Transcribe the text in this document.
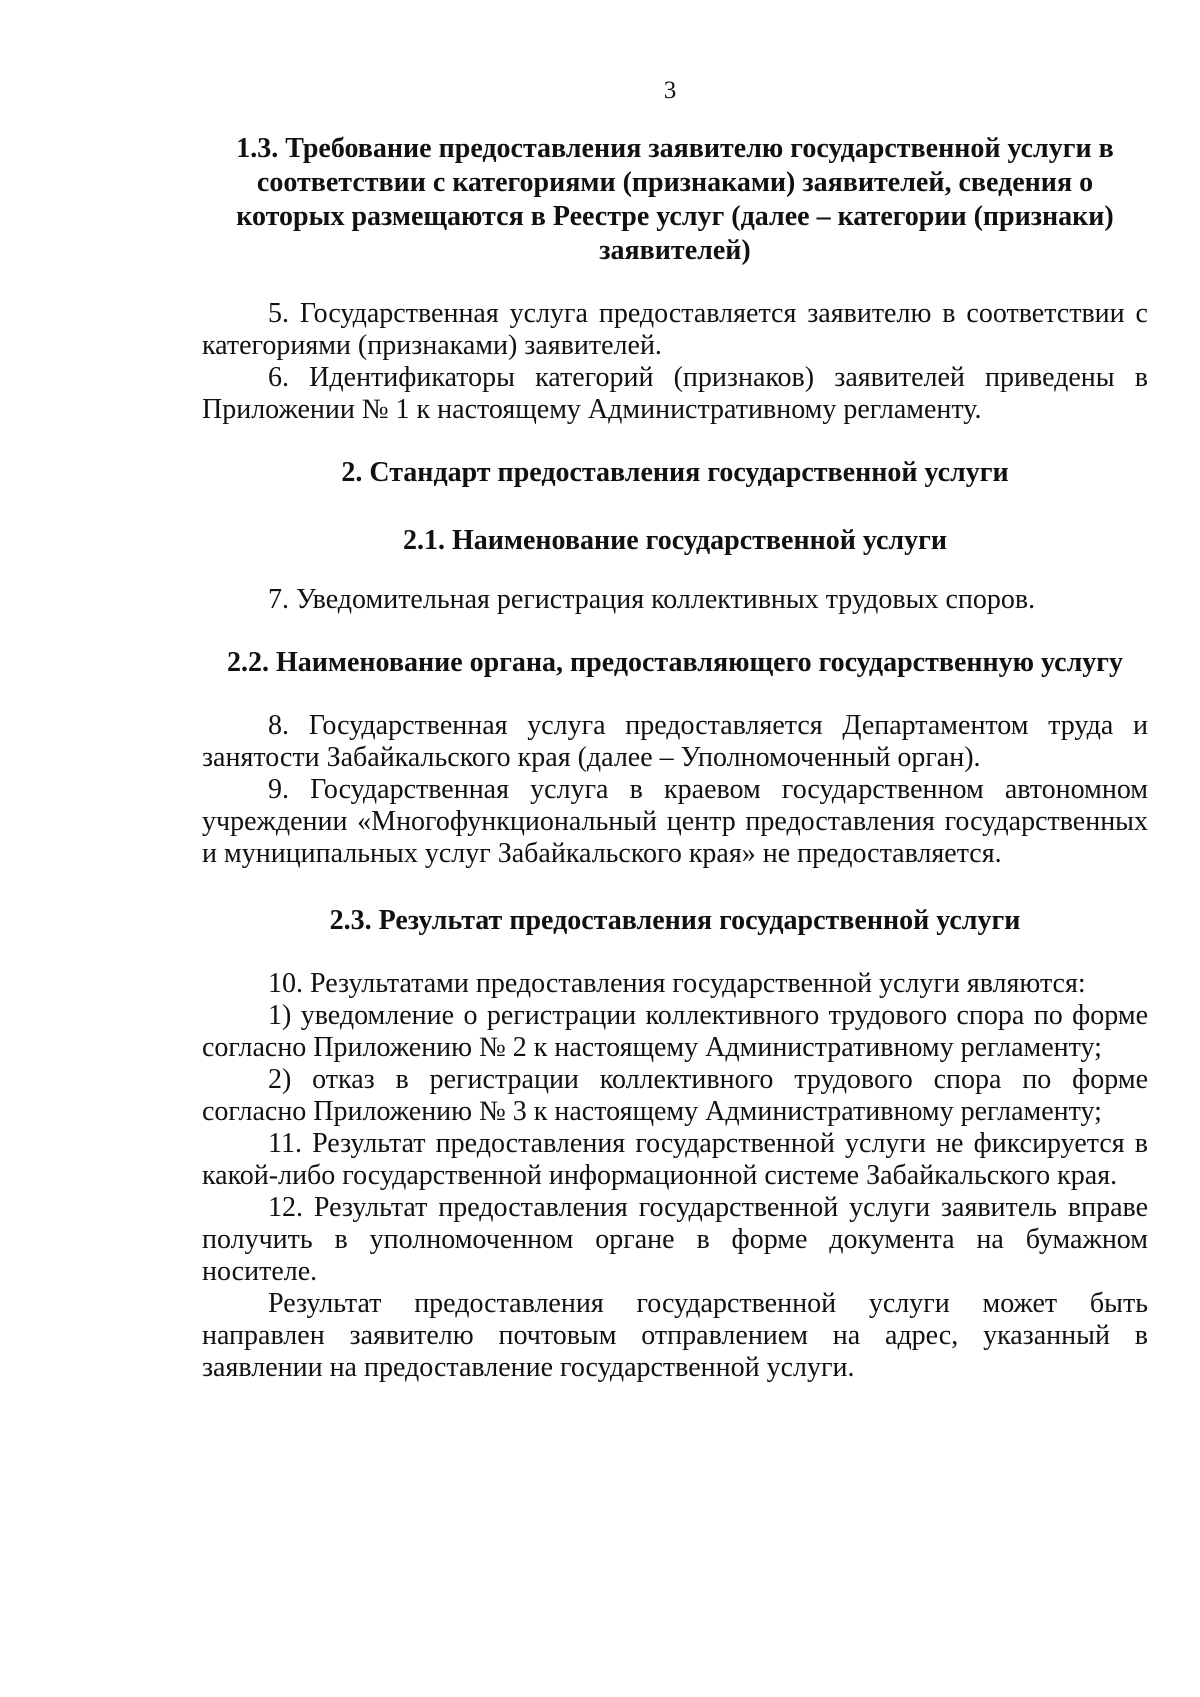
3
1.3. Требование предоставления заявителю государственной услуги в соответствии с категориями (признаками) заявителей, сведения о которых размещаются в Реестре услуг (далее – категории (признаки) заявителей)

5. Государственная услуга предоставляется заявителю в соответствии с категориями (признаками) заявителей.

6. Идентификаторы категорий (признаков) заявителей приведены в Приложении № 1 к настоящему Административному регламенту.

2. Стандарт предоставления государственной услуги
2.1. Наименование государственной услуги

7. Уведомительная регистрация коллективных трудовых споров.

2.2. Наименование органа, предоставляющего государственную услугу

8. Государственная услуга предоставляется Департаментом труда и занятости Забайкальского края (далее – Уполномоченный орган).

9. Государственная услуга в краевом государственном автономном учреждении «Многофункциональный центр предоставления государственных и муниципальных услуг Забайкальского края» не предоставляется.

2.3. Результат предоставления государственной услуги

10. Результатами предоставления государственной услуги являются:

1) уведомление о регистрации коллективного трудового спора по форме согласно Приложению № 2 к настоящему Административному регламенту;

2) отказ в регистрации коллективного трудового спора по форме согласно Приложению № 3 к настоящему Административному регламенту;

11. Результат предоставления государственной услуги не фиксируется в какой-либо государственной информационной системе Забайкальского края.

12. Результат предоставления государственной услуги заявитель вправе получить в уполномоченном органе в форме документа на бумажном носителе.

Результат предоставления государственной услуги может быть направлен заявителю почтовым отправлением на адрес, указанный в заявлении на предоставление государственной услуги.
